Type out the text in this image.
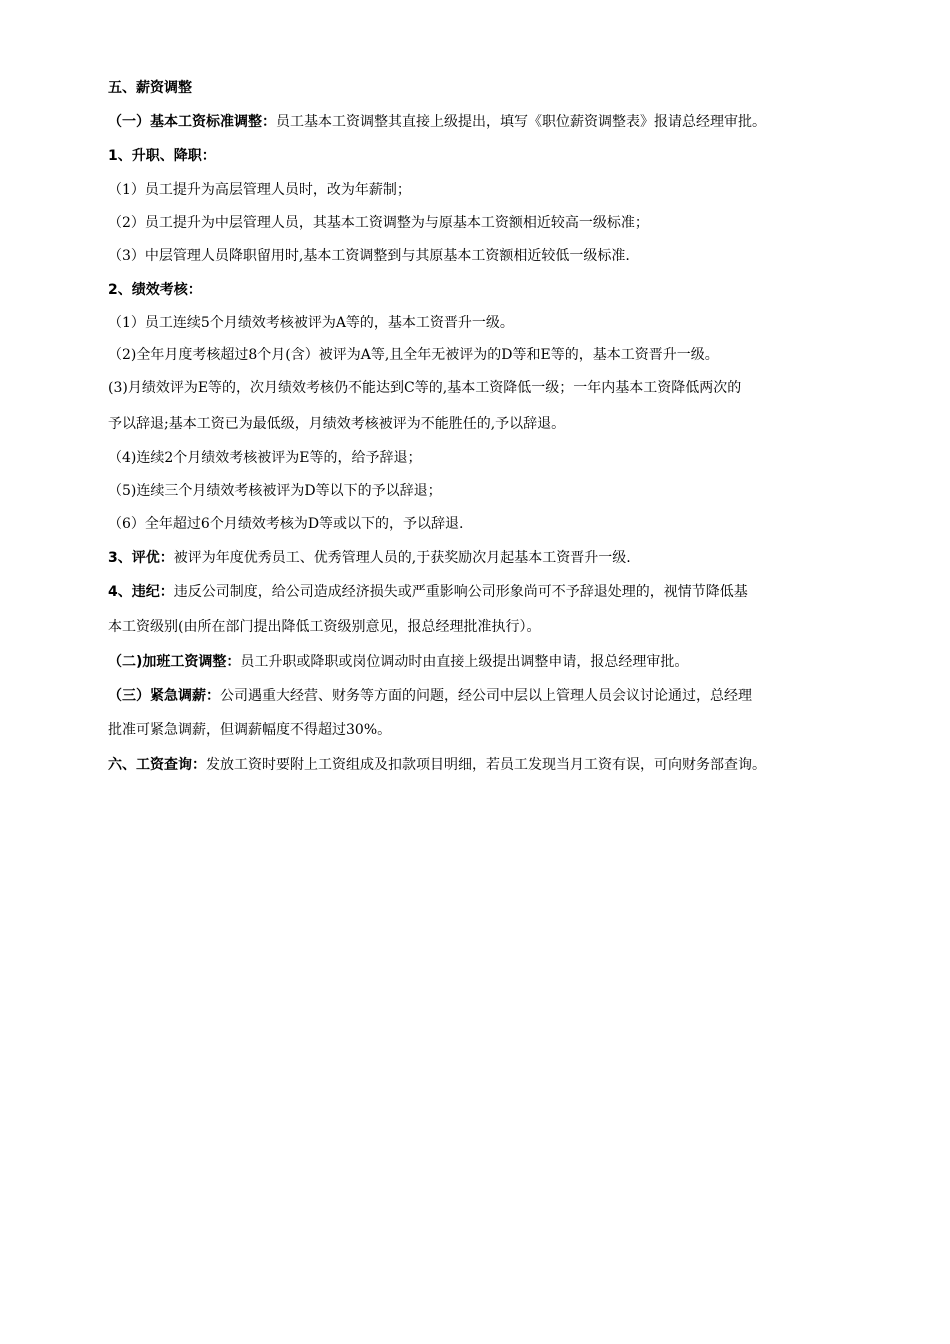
五、薪资调整
（一）基本工资标准调整：员工基本工资调整其直接上级提出，填写《职位薪资调整表》报请总经理审批。
1、升职、降职：
（1）员工提升为高层管理人员时，改为年薪制；
（2）员工提升为中层管理人员，其基本工资调整为与原基本工资额相近较高一级标准；
（3）中层管理人员降职留用时,基本工资调整到与其原基本工资额相近较低一级标准.
2、绩效考核：
（1）员工连续5个月绩效考核被评为A等的，基本工资晋升一级。
（2)全年月度考核超过8个月(含）被评为A等,且全年无被评为的D等和E等的，基本工资晋升一级。
(3)月绩效评为E等的，次月绩效考核仍不能达到C等的,基本工资降低一级；一年内基本工资降低两次的
予以辞退;基本工资已为最低级，月绩效考核被评为不能胜任的,予以辞退。
（4)连续2个月绩效考核被评为E等的，给予辞退；
（5)连续三个月绩效考核被评为D等以下的予以辞退；
（6）全年超过6个月绩效考核为D等或以下的，予以辞退.
3、评优：被评为年度优秀员工、优秀管理人员的,于获奖励次月起基本工资晋升一级.
4、违纪：违反公司制度，给公司造成经济损失或严重影响公司形象尚可不予辞退处理的，视情节降低基
本工资级别(由所在部门提出降低工资级别意见，报总经理批准执行）。
（二)加班工资调整：员工升职或降职或岗位调动时由直接上级提出调整申请，报总经理审批。
（三）紧急调薪：公司遇重大经营、财务等方面的问题，经公司中层以上管理人员会议讨论通过，总经理
批准可紧急调薪，但调薪幅度不得超过30%。
六、工资查询：发放工资时要附上工资组成及扣款项目明细，若员工发现当月工资有误，可向财务部查询。
